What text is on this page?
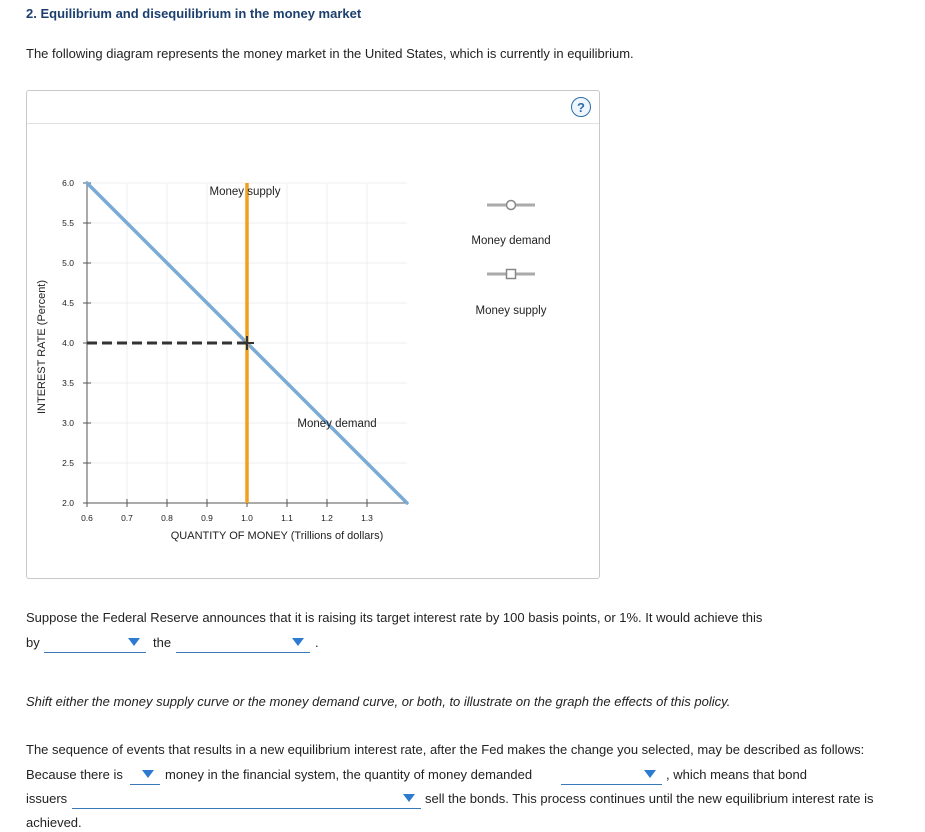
2. Equilibrium and disequilibrium in the money market
The following diagram represents the money market in the United States, which is currently in equilibrium.
?
6.0
5.5
5.0
4.5
4.0
3.5
3.0
2.5
2.0
0.6	0.7	0.8	0.9	1.0	1.1	1.2	1.3
QUANTITY OF MONEY (Trillions of dollars)
INTEREST RATE (Percent)
Money supply
Money demand
Money demand
Money supply
Suppose the Federal Reserve announces that it is raising its target interest rate by 100 basis points, or 1%. It would achieve this
by	the	.
Shift either the money supply curve or the money demand curve, or both, to illustrate on the graph the effects of this policy.
The sequence of events that results in a new equilibrium interest rate, after the Fed makes the change you selected, may be described as follows:
Because there is	money in the financial system, the quantity of money demanded	, which means that bond
issuers	sell the bonds. This process continues until the new equilibrium interest rate is
achieved.
